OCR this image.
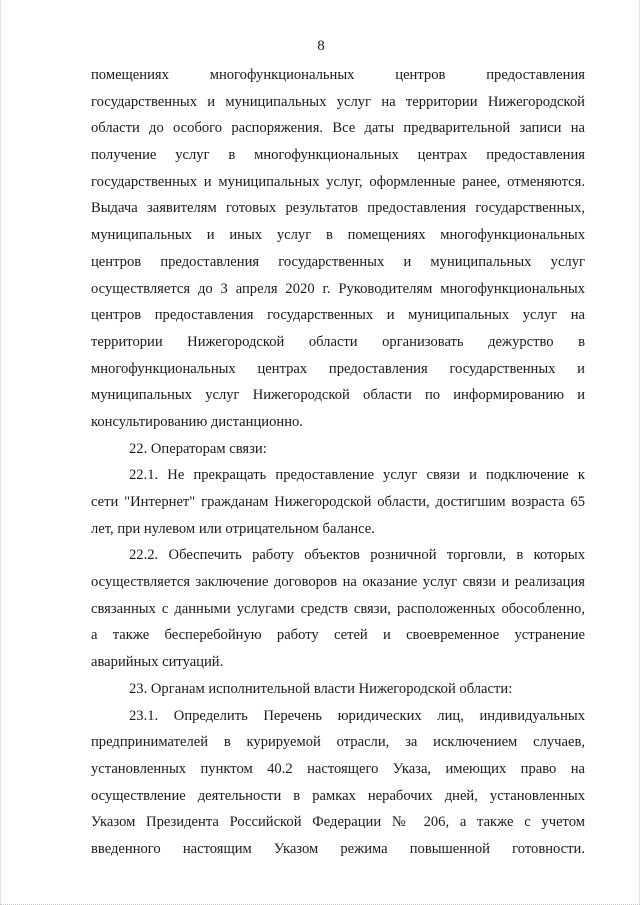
8
помещениях многофункциональных центров предоставления
государственных и муниципальных услуг на территории Нижегородской
области до особого распоряжения. Все даты предварительной записи на
получение услуг в многофункциональных центрах предоставления
государственных и муниципальных услуг, оформленные ранее, отменяются.
Выдача заявителям готовых результатов предоставления государственных,
муниципальных и иных услуг в помещениях многофункциональных
центров предоставления государственных и муниципальных услуг
осуществляется до 3 апреля 2020 г. Руководителям многофункциональных
центров предоставления государственных и муниципальных услуг на
территории Нижегородской области организовать дежурство в
многофункциональных центрах предоставления государственных и
муниципальных услуг Нижегородской области по информированию и
консультированию дистанционно.
22. Операторам связи:
22.1. Не прекращать предоставление услуг связи и подключение к
сети "Интернет" гражданам Нижегородской области, достигшим возраста 65
лет, при нулевом или отрицательном балансе.
22.2. Обеспечить работу объектов розничной торговли, в которых
осуществляется заключение договоров на оказание услуг связи и реализация
связанных с данными услугами средств связи, расположенных обособленно,
а также бесперебойную работу сетей и своевременное устранение
аварийных ситуаций.
23. Органам исполнительной власти Нижегородской области:
23.1. Определить Перечень юридических лиц, индивидуальных
предпринимателей в курируемой отрасли, за исключением случаев,
установленных пунктом 40.2 настоящего Указа, имеющих право на
осуществление деятельности в рамках нерабочих дней, установленных
Указом Президента Российской Федерации № 206, а также с учетом
введенного настоящим Указом режима повышенной готовности.
